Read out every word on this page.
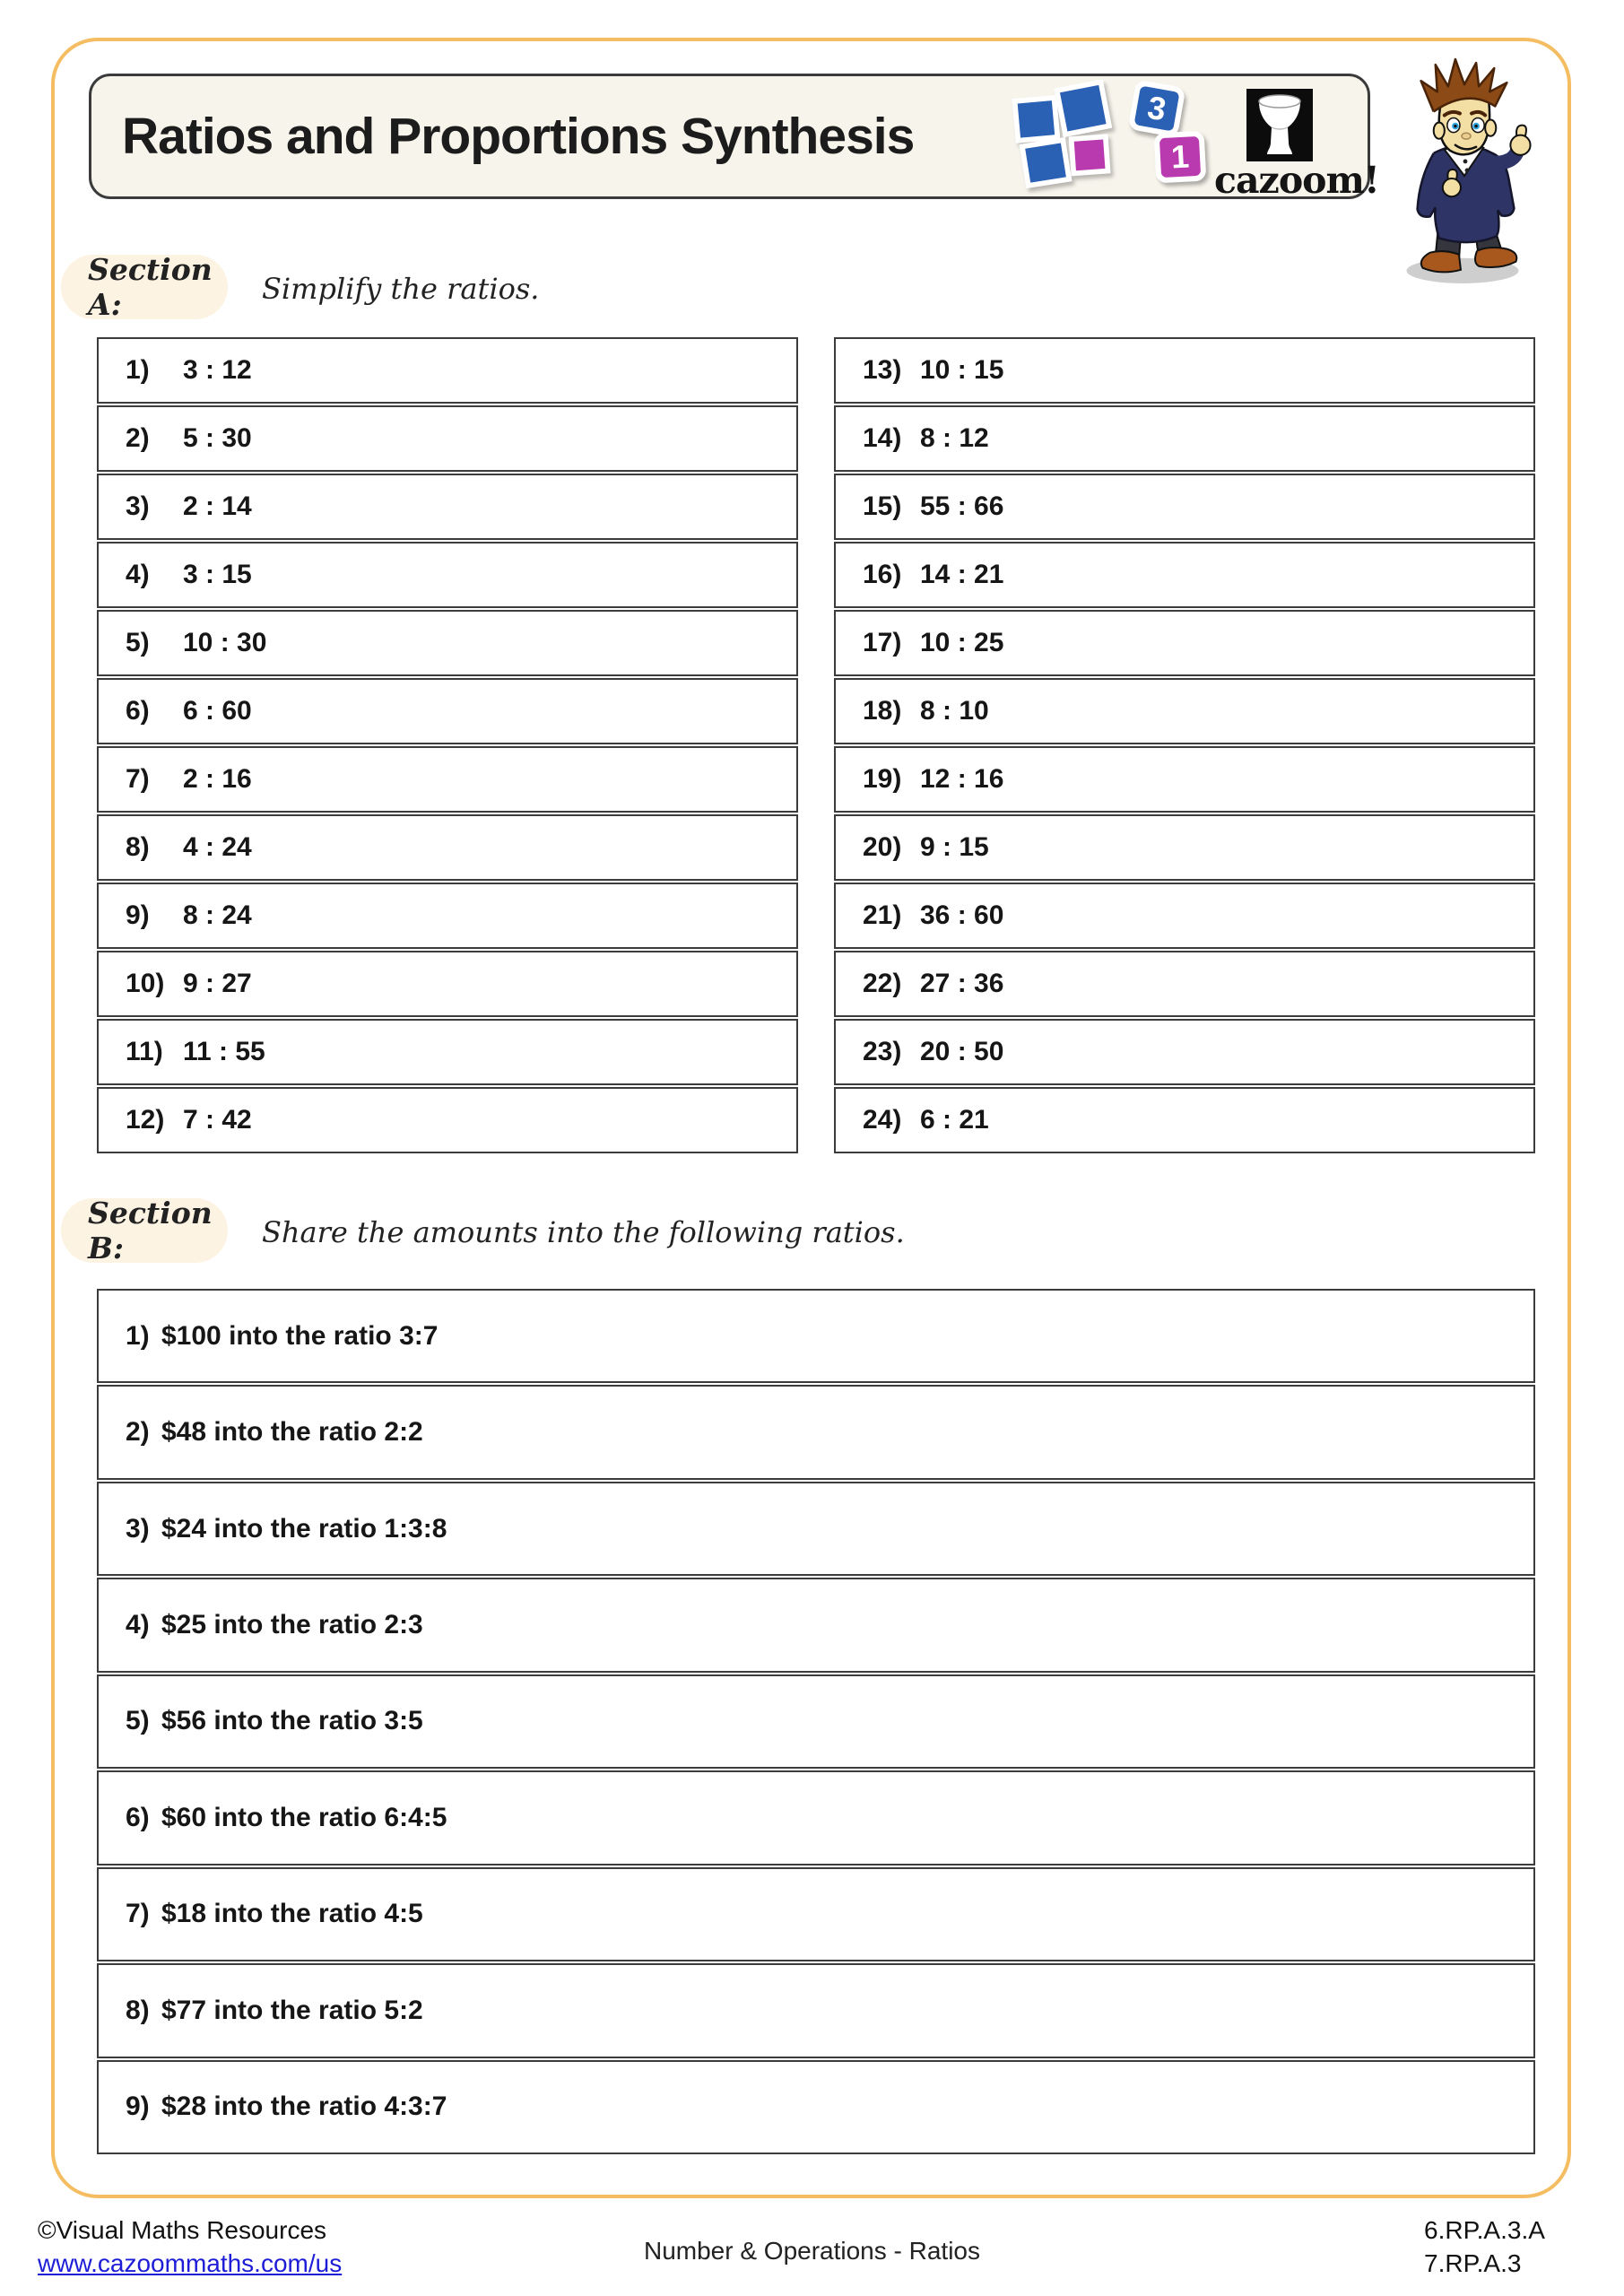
Ratios and Proportions Synthesis	3
1
cazoom!
Section A:	Simplify the ratios.
1)	3 : 12
2)	5 : 30
3)	2 : 14
4)	3 : 15
5)	10 : 30
6)	6 : 60
7)	2 : 16
8)	4 : 24
9)	8 : 24
10) 9 : 27
11) 11 : 55
12) 7 : 42
13) 10 : 15
14) 8 : 12
15) 55 : 66
16) 14 : 21
17) 10 : 25
18) 8 : 10
19) 12 : 16
20) 9 : 15
21) 36 : 60
22) 27 : 36
23) 20 : 50
24) 6 : 21
Section B:	Share the amounts into the following ratios.
1) $100 into the ratio 3:7
2) $48 into the ratio 2:2
3) $24 into the ratio 1:3:8
4) $25 into the ratio 2:3
5) $56 into the ratio 3:5
6) $60 into the ratio 6:4:5
7) $18 into the ratio 4:5
8) $77 into the ratio 5:2
9) $28 into the ratio 4:3:7
©Visual Maths Resources
www.cazoommaths.com/us	Number & Operations - Ratios
6.RP.A.3.A
7.RP.A.3
